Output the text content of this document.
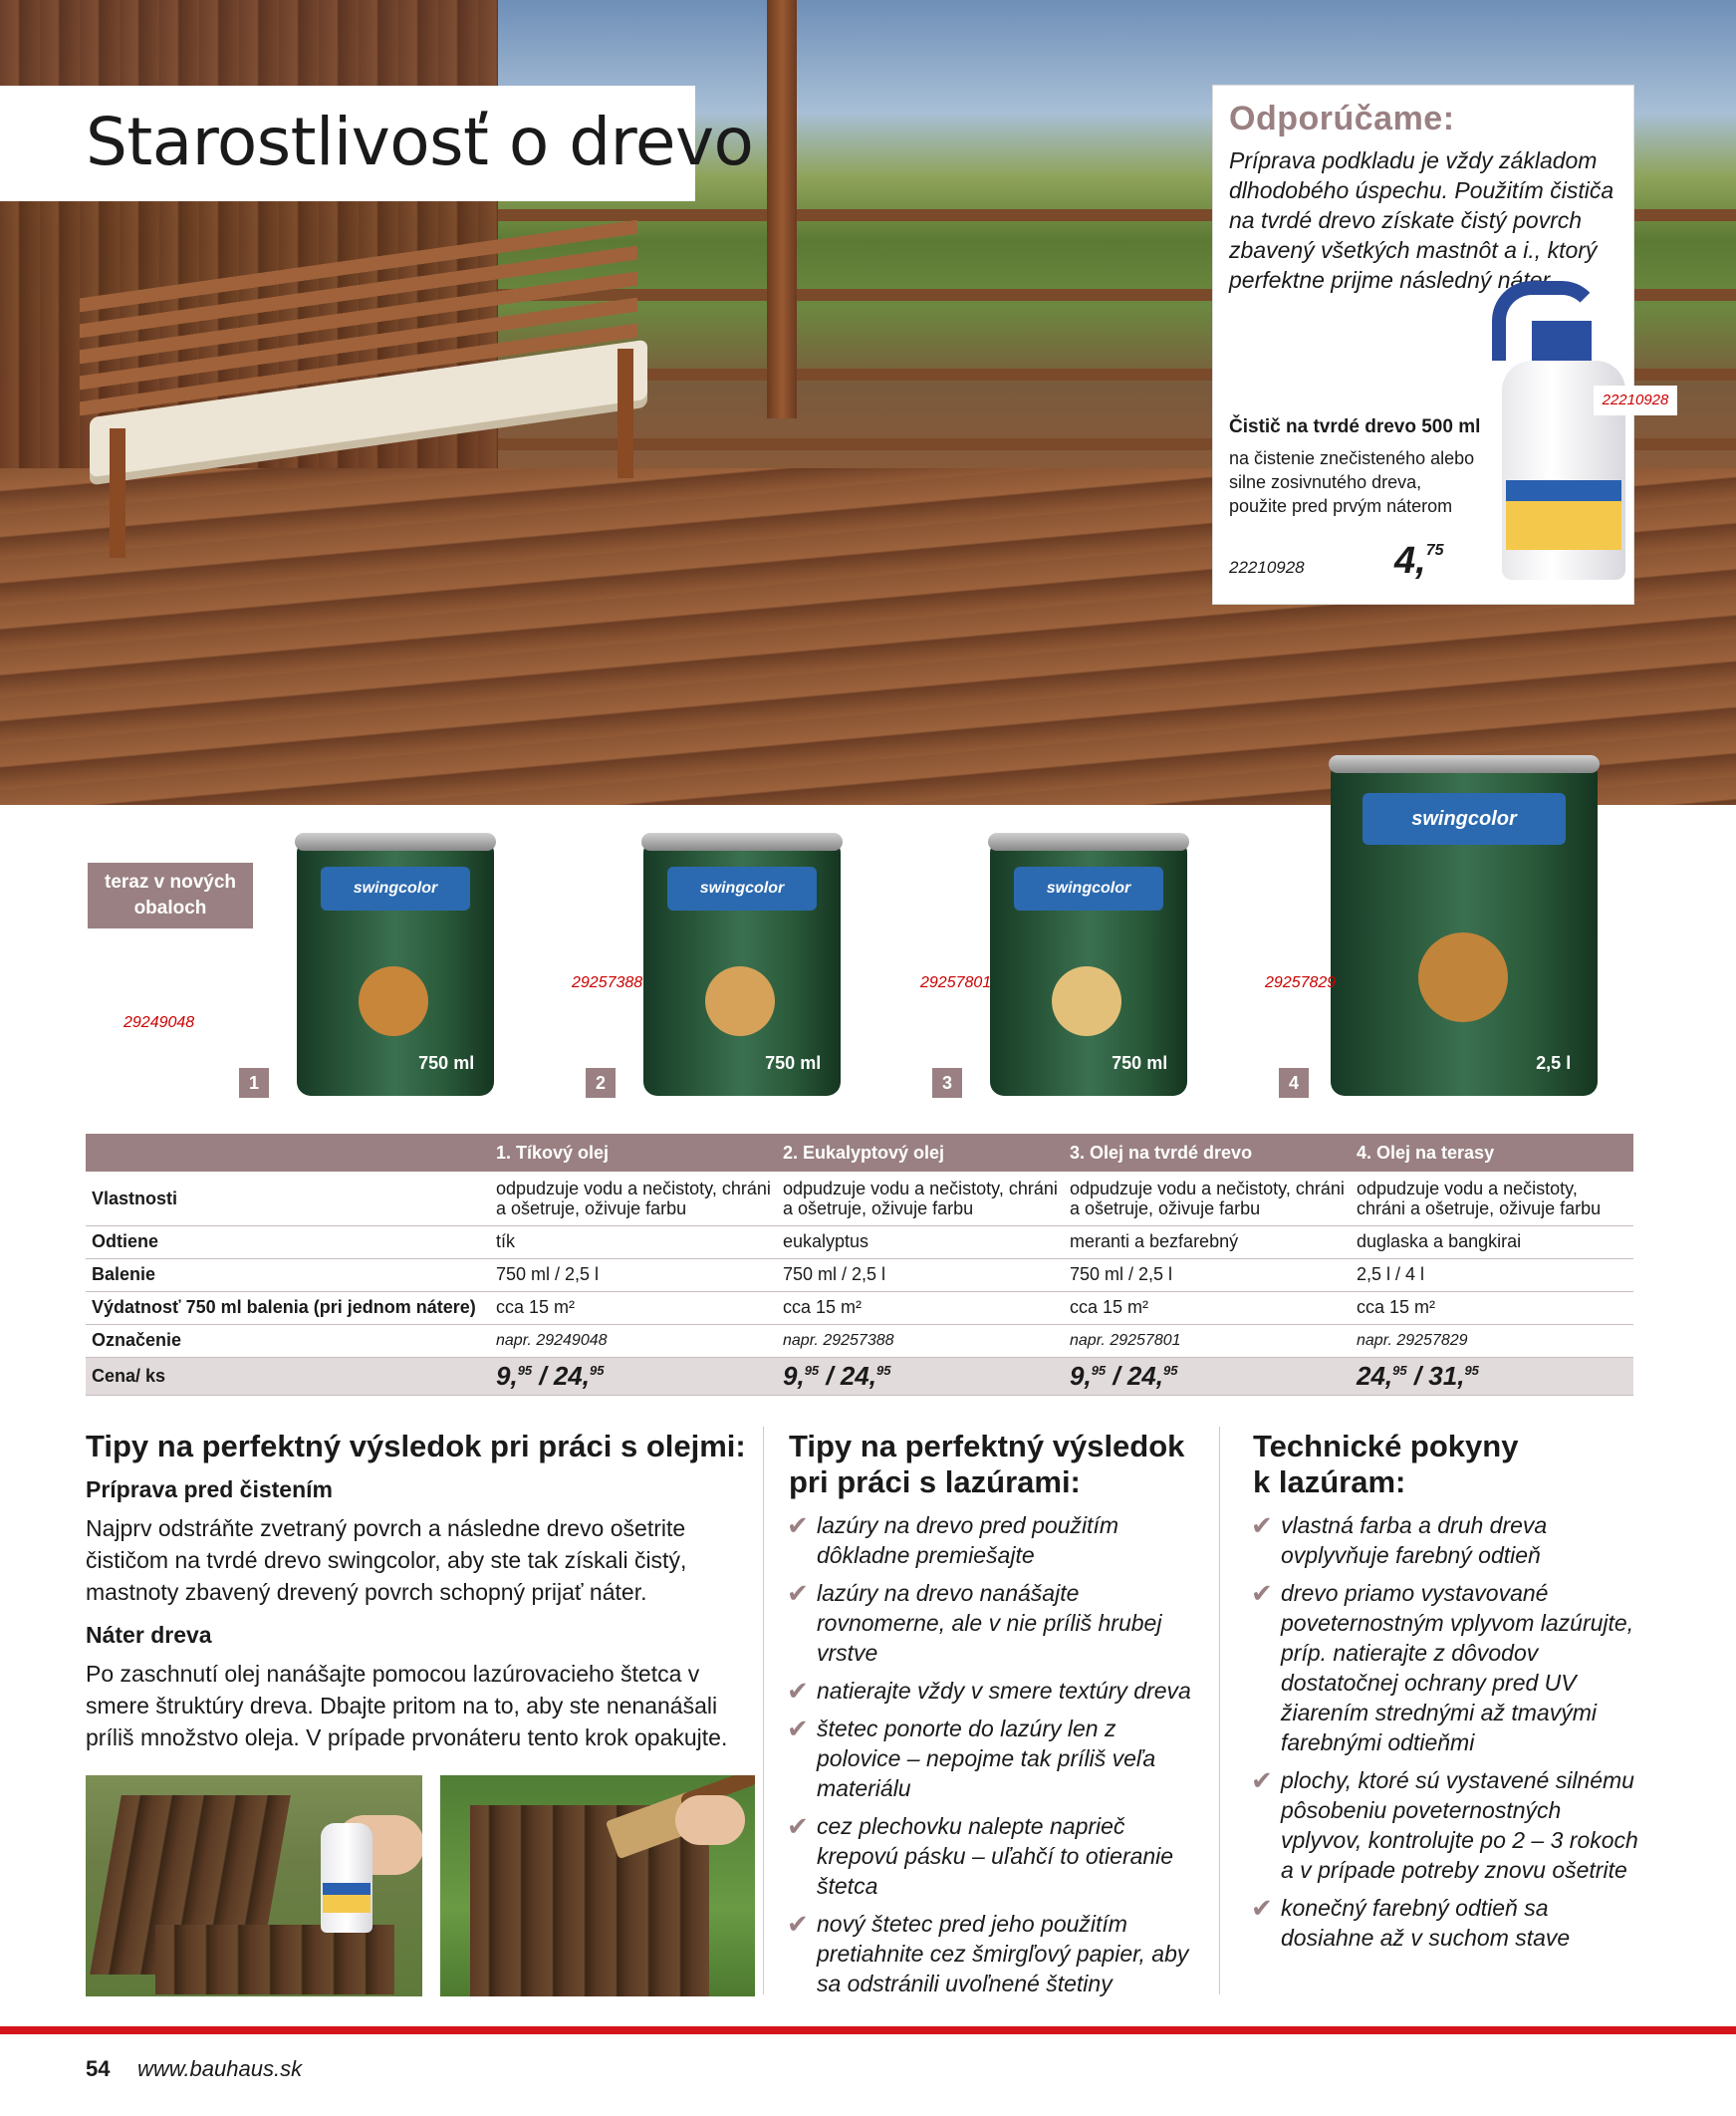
Starostlivosť o drevo	Odporúčame:
Príprava podkladu je vždy základom dlhodobého úspechu. Použitím čističa na tvrdé drevo získate čistý povrch zbavený všetkých mastnôt a i., ktorý perfektne prijme následný náter.
Čistič na tvrdé drevo 500 ml
na čistenie znečisteného alebo silne zosivnutého dreva, použite pred prvým náterom
22210928 4,75
22210928
teraz v nových obaloch
swingcolor
750 ml
29249048
1
swingcolor
750 ml
29257388
2
swingcolor
750 ml
29257801
3
swingcolor
2,5 l
29257829
4
	1. Tíkový olej	2. Eukalyptový olej	3. Olej na tvrdé drevo	4. Olej na terasy
Vlastnosti	odpudzuje vodu a nečistoty, chráni a ošetruje, oživuje farbu	odpudzuje vodu a nečistoty, chráni a ošetruje, oživuje farbu	odpudzuje vodu a nečistoty, chráni a ošetruje, oživuje farbu	odpudzuje vodu a nečistoty, chráni a ošetruje, oživuje farbu
Odtiene	tík	eukalyptus	meranti a bezfarebný	duglaska a bangkirai
Balenie	750 ml / 2,5 l	750 ml / 2,5 l	750 ml / 2,5 l	2,5 l / 4 l
Výdatnosť 750 ml balenia (pri jednom nátere)	cca 15 m²	cca 15 m²	cca 15 m²	cca 15 m²
Označenie	napr. 29249048	napr. 29257388	napr. 29257801	napr. 29257829
Cena/ ks	9,95 / 24,95	9,95 / 24,95	9,95 / 24,95	24,95 / 31,95
Tipy na perfektný výsledok pri práci s olejmi:
Príprava pred čistením
Najprv odstráňte zvetraný povrch a následne drevo ošetrite čističom na tvrdé drevo swingcolor, aby ste tak získali čistý, mastnoty zbavený drevený povrch schopný prijať náter.
Náter dreva
Po zaschnutí olej nanášajte pomocou lazúrovacieho štetca v smere štruktúry dreva. Dbajte pritom na to, aby ste nenanášali príliš množstvo oleja. V prípade prvonáteru tento krok opakujte.
Tipy na perfektný výsledok
pri práci s lazúrami:
✔ lazúry na drevo pred použitím dôkladne premiešajte
✔ lazúry na drevo nanášajte rovnomerne, ale v nie príliš hrubej vrstve
✔ natierajte vždy v smere textúry dreva
✔ štetec ponorte do lazúry len z polovice – nepojme tak príliš veľa materiálu
✔ cez plechovku nalepte naprieč krepovú pásku – uľahčí to otieranie štetca
✔ nový štetec pred jeho použitím pretiahnite cez šmirgľový papier, aby sa odstránili uvoľnené štetiny
Technické pokyny
k lazúram:
✔ vlastná farba a druh dreva ovplyvňuje farebný odtieň
✔ drevo priamo vystavované poveternostným vplyvom lazúrujte, príp. natierajte z dôvodov dostatočnej ochrany pred UV žiarením strednými až tmavými farebnými odtieňmi
✔ plochy, ktoré sú vystavené silnému pôsobeniu poveternostných vplyvov, kontrolujte po 2 – 3 rokoch a v prípade potreby znovu ošetrite
✔ konečný farebný odtieň sa dosiahne až v suchom stave
54 www.bauhaus.sk
